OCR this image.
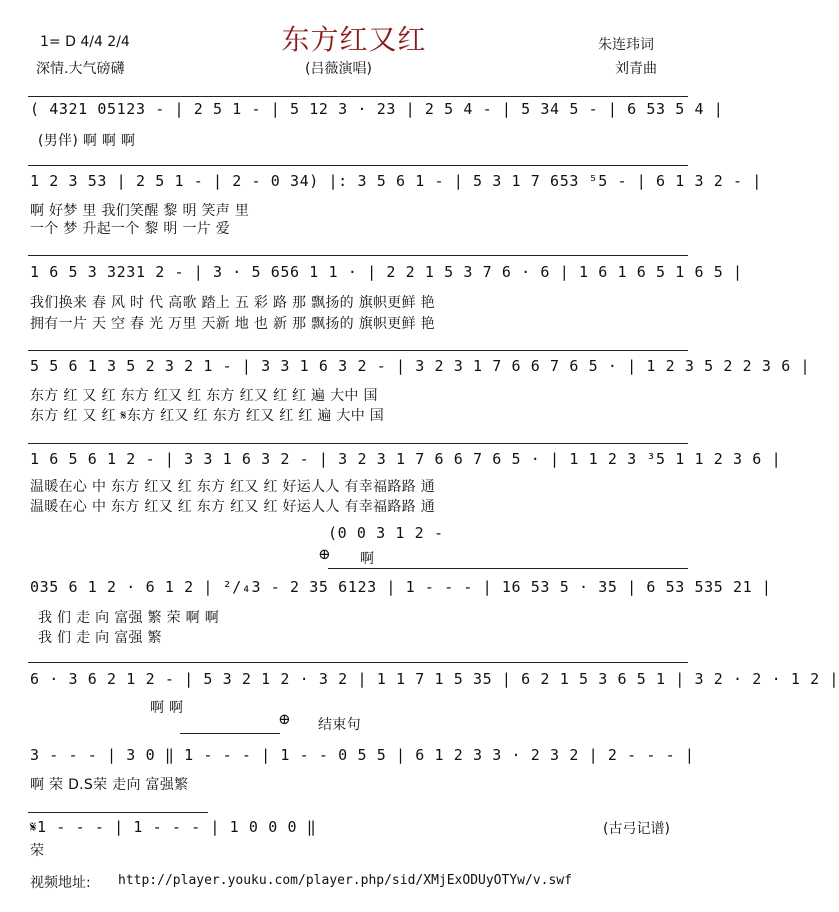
1= D 4/4 2/4
深情.大气磅礴
东方红又红
(吕薇演唱)
朱连玮词
刘青曲
( 4321 05123 - | 2 5 1 - | 5 12 3 · 23 | 2 5 4 - | 5 34 5 - | 6 53 5 4 |
(男伴) 啊 啊 啊
1 2 3 53 | 2 5 1 - | 2 - 0 34) |: 3 5 6 1 - | 5 3 1 7 653 ⁵5 - | 6 1 3 2 - |
啊 好梦 里 我们笑醒 黎 明 笑声 里
一个 梦 升起一个 黎 明 一片 爱
1 6 5 3 3231 2 - | 3 · 5 656 1 1 · | 2 2 1 5 3 7 6 · 6 | 1 6 1 6 5 1 6 5 |
我们换来 春 风 时 代 高歌 踏上 五 彩 路 那 飘扬的 旗帜更鲜 艳
拥有一片 天 空 春 光 万里 天新 地 也 新 那 飘扬的 旗帜更鲜 艳
5 5 6 1 3 5 2 3 2 1 - | 3 3 1 6 3 2 - | 3 2 3 1 7 6 6 7 6 5 · | 1 2 3 5 2 2 3 6 |
东方 红 又 红 东方 红又 红 东方 红又 红 红 遍 大中 国
东方 红 又 红 𝄋东方 红又 红 东方 红又 红 红 遍 大中 国
1 6 5 6 1 2 - | 3 3 1 6 3 2 - | 3 2 3 1 7 6 6 7 6 5 · | 1 1 2 3 ³5 1 1 2 3 6 |
温暖在心 中 东方 红又 红 东方 红又 红 好运人人 有幸福路路 通
温暖在心 中 东方 红又 红 东方 红又 红 好运人人 有幸福路路 通
(0 0 3 1 2 -
⊕ 啊
035 6 1 2 · 6 1 2 | ²/₄3 - 2 35 6123 | 1 - - - | 16 53 5 · 35 | 6 53 535 21 |
我 们 走 向 富强 繁 荣 啊 啊
我 们 走 向 富强 繁
6 · 3 6 2 1 2 - | 5 3 2 1 2 · 3 2 | 1 1 7 1 5 35 | 6 2 1 5 3 6 5 1 | 3 2 · 2 · 1 2 |
啊 啊
⊕ 结束句
3 - - - | 3 0 ‖ 1 - - - | 1 - - 0 5 5 | 6 1 2 3 3 · 2 3 2 | 2 - - - |
啊 荣 D.S荣 走向 富强繁
𝄋1 - - - | 1 - - - | 1 0 0 0 ‖
荣
(古弓记谱)
视频地址: http://player.youku.com/player.php/sid/XMjExODUyOTYw/v.swf
